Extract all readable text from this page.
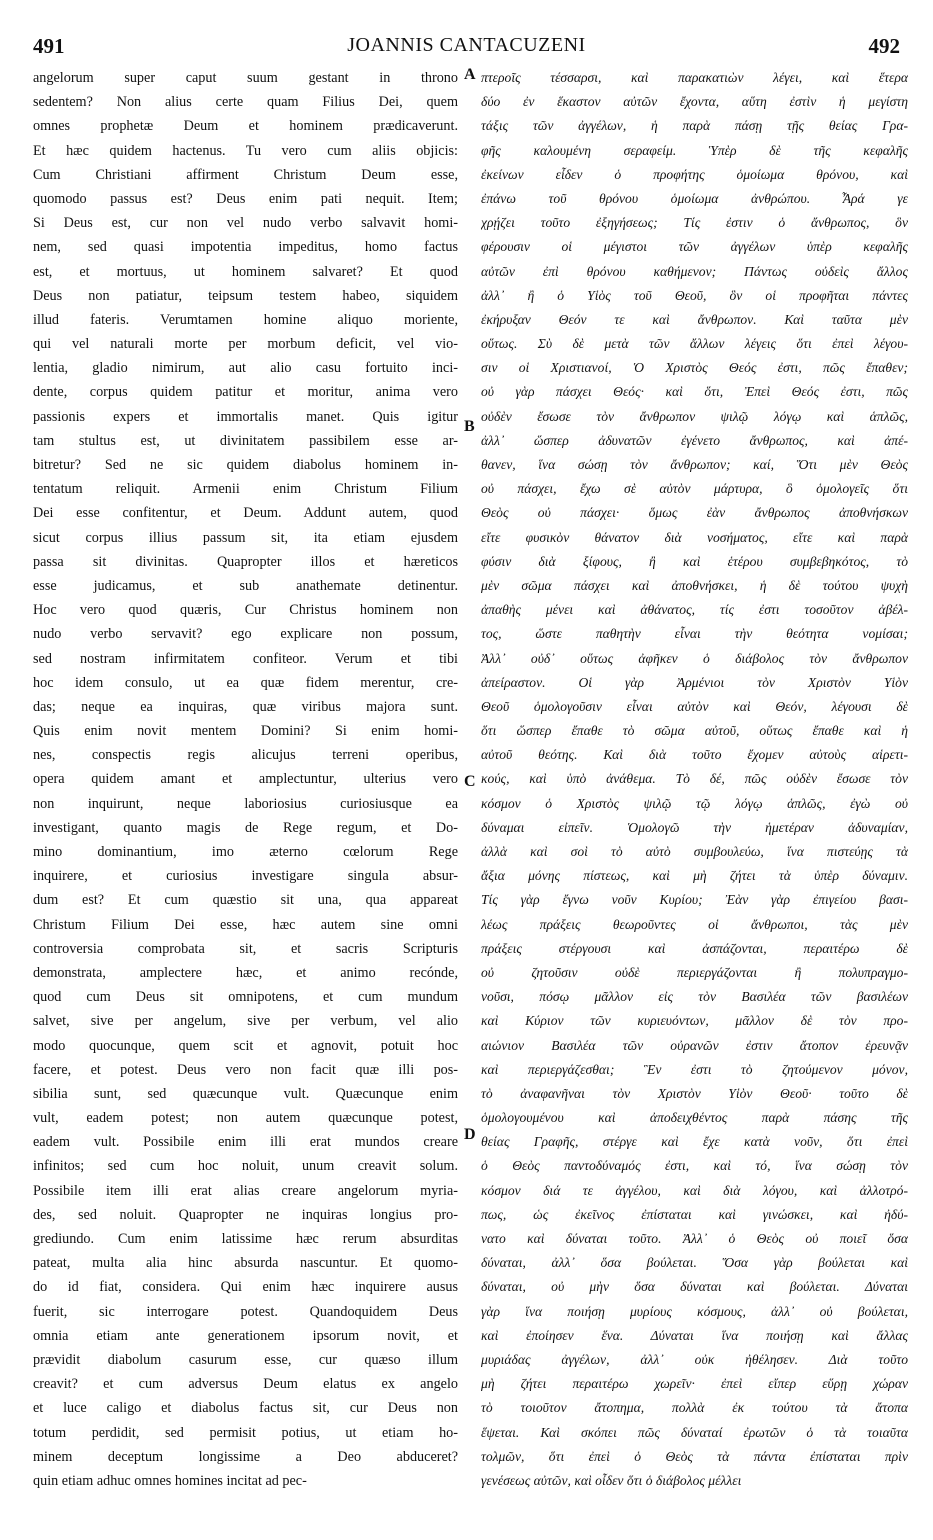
491	JOANNIS CANTACUZENI	492
angelorum super caput suum gestant in throno
sedentem? Non alius certe quam Filius Dei, quem
omnes prophetæ Deum et hominem prædicaverunt.
Et hæc quidem hactenus. Tu vero cum aliis objicis:
Cum Christiani affirment Christum Deum esse,
quomodo passus est? Deus enim pati nequit. Item;
Si Deus est, cur non vel nudo verbo salvavit homi-
nem, sed quasi impotentia impeditus, homo factus
est, et mortuus, ut hominem salvaret? Et quod
Deus non patiatur, teipsum testem habeo, siquidem
illud fateris. Verumtamen homine aliquo moriente,
qui vel naturali morte per morbum deficit, vel vio-
lentia, gladio nimirum, aut alio casu fortuito inci-
dente, corpus quidem patitur et moritur, anima vero
passionis expers et immortalis manet. Quis igitur
tam stultus est, ut divinitatem passibilem esse ar-
bitretur? Sed ne sic quidem diabolus hominem in-
tentatum reliquit. Armenii enim Christum Filium
Dei esse confitentur, et Deum. Addunt autem, quod
sicut corpus illius passum sit, ita etiam ejusdem
passa sit divinitas. Quapropter illos et hæreticos
esse judicamus, et sub anathemate detinentur.
Hoc vero quod quæris, Cur Christus hominem non
nudo verbo servavit? ego explicare non possum,
sed nostram infirmitatem confiteor. Verum et tibi
hoc idem consulo, ut ea quæ fidem merentur, cre-
das; neque ea inquiras, quæ viribus majora sunt.
Quis enim novit mentem Domini? Si enim homi-
nes, conspectis regis alicujus terreni operibus,
opera quidem amant et amplectuntur, ulterius vero
non inquirunt, neque laboriosius curiosiusque ea
investigant, quanto magis de Rege regum, et Do-
mino dominantium, imo æterno cœlorum Rege
inquirere, et curiosius investigare singula absur-
dum est? Et cum quæstio sit una, qua appareat
Christum Filium Dei esse, hæc autem sine omni
controversia comprobata sit, et sacris Scripturis
demonstrata, amplectere hæc, et animo recónde,
quod cum Deus sit omnipotens, et cum mundum
salvet, sive per angelum, sive per verbum, vel alio
modo quocunque, quem scit et agnovit, potuit hoc
facere, et potest. Deus vero non facit quæ illi pos-
sibilia sunt, sed quæcunque vult. Quæcunque enim
vult, eadem potest; non autem quæcunque potest,
eadem vult. Possibile enim illi erat mundos creare
infinitos; sed cum hoc noluit, unum creavit solum.
Possibile item illi erat alias creare angelorum myria-
des, sed noluit. Quapropter ne inquiras longius pro-
grediundo. Cum enim latissime hæc rerum absurditas
pateat, multa alia hinc absurda nascuntur. Et quomo-
do id fiat, considera. Qui enim hæc inquirere ausus
fuerit, sic interrogare potest. Quandoquidem Deus
omnia etiam ante generationem ipsorum novit, et
prævidit diabolum casurum esse, cur quæso illum
creavit? et cum adversus Deum elatus ex angelo
et luce caligo et diabolus factus sit, cur Deus non
totum perdidit, sed permisit potius, ut etiam ho-
minem deceptum longissime a Deo abduceret?
quin etiam adhuc omnes homines incitat ad pec-
πτεροῖς τέσσαρσι, καὶ παρακατιὼν λέγει, καὶ ἕτερα
δύο ἐν ἕκαστον αὐτῶν ἔχοντα, αὕτη ἐστὶν ἡ μεγίστη
τάξις τῶν ἀγγέλων, ἡ παρὰ πάσῃ τῇς θείας Γρα-
φῆς καλουμένη σεραφείμ. Ὑπὲρ δὲ τῆς κεφαλῆς
ἐκείνων εἶδεν ὁ προφήτης ὁμοίωμα θρόνου, καὶ
ἐπάνω τοῦ θρόνου ὁμοίωμα ἀνθρώπου. Ἆρά γε
χρῄζει τοῦτο ἐξηγήσεως; Τίς ἐστιν ὁ ἄνθρωπος, ὃν
φέρουσιν οἱ μέγιστοι τῶν ἀγγέλων ὑπὲρ κεφαλῆς
αὐτῶν ἐπὶ θρόνου καθήμενον; Πάντως οὐδεὶς ἄλλος
ἀλλ᾽ ἢ ὁ Υἱὸς τοῦ Θεοῦ, ὃν οἱ προφῆται πάντες
ἐκήρυξαν Θεόν τε καὶ ἄνθρωπον. Καὶ ταῦτα μὲν
οὕτως. Σὺ δὲ μετὰ τῶν ἄλλων λέγεις ὅτι ἐπεὶ λέγου-
σιν οἱ Χριστιανοί, Ὁ Χριστὸς Θεός ἐστι, πῶς ἔπαθεν;
οὐ γὰρ πάσχει Θεός· καὶ ὅτι, Ἐπεὶ Θεός ἐστι, πῶς
οὐδὲν ἔσωσε τὸν ἄνθρωπον ψιλῷ λόγῳ καὶ ἁπλῶς,
ἀλλ᾽ ὥσπερ ἀδυνατῶν ἐγένετο ἄνθρωπος, καὶ ἀπέ-
θανεν, ἵνα σώσῃ τὸν ἄνθρωπον; καί, Ὅτι μὲν Θεὸς
οὐ πάσχει, ἔχω σὲ αὐτὸν μάρτυρα, ὃ ὁμολογεῖς ὅτι
Θεὸς οὐ πάσχει· ὅμως ἐὰν ἄνθρωπος ἀποθνήσκων
εἴτε φυσικὸν θάνατον διὰ νοσήματος, εἴτε καὶ παρὰ
φύσιν διὰ ξίφους, ἢ καὶ ἑτέρου συμβεβηκότος, τὸ
μὲν σῶμα πάσχει καὶ ἀποθνήσκει, ἡ δὲ τούτου ψυχὴ
ἀπαθὴς μένει καὶ ἀθάνατος, τίς ἐστι τοσοῦτον ἀβέλ-
τος, ὥστε παθητὴν εἶναι τὴν θεότητα νομίσαι;
Ἀλλ᾽ οὐδ᾽ οὕτως ἀφῆκεν ὁ διάβολος τὸν ἄνθρωπον
ἀπείραστον. Οἱ γὰρ Ἀρμένιοι τὸν Χριστὸν Υἱὸν
Θεοῦ ὁμολογοῦσιν εἶναι αὐτὸν καὶ Θεόν, λέγουσι δὲ
ὅτι ὥσπερ ἔπαθε τὸ σῶμα αὐτοῦ, οὕτως ἔπαθε καὶ ἡ
αὐτοῦ θεότης. Καὶ διὰ τοῦτο ἔχομεν αὐτοὺς αἱρετι-
κούς, καὶ ὑπὸ ἀνάθεμα. Τὸ δέ, πῶς οὐδὲν ἔσωσε τὸν
κόσμον ὁ Χριστὸς ψιλῷ τῷ λόγῳ ἁπλῶς, ἐγὼ οὐ
δύναμαι εἰπεῖν. Ὁμολογῶ τὴν ἡμετέραν ἀδυναμίαν,
ἀλλὰ καὶ σοὶ τὸ αὐτὸ συμβουλεύω, ἵνα πιστεύῃς τὰ
ἄξια μόνης πίστεως, καὶ μὴ ζήτει τὰ ὑπὲρ δύναμιν.
Τίς γὰρ ἔγνω νοῦν Κυρίου; Ἐὰν γὰρ ἐπιγείου βασι-
λέως πράξεις θεωροῦντες οἱ ἄνθρωποι, τὰς μὲν
πράξεις στέργουσι καὶ ἀσπάζονται, περαιτέρω δὲ
οὐ ζητοῦσιν οὐδὲ περιεργάζονται ἢ πολυπραγμο-
νοῦσι, πόσῳ μᾶλλον εἰς τὸν Βασιλέα τῶν βασιλέων
καὶ Κύριον τῶν κυριευόντων, μᾶλλον δὲ τὸν προ-
αιώνιον Βασιλέα τῶν οὐρανῶν ἐστιν ἄτοπον ἐρευνᾷν
καὶ περιεργάζεσθαι; Ἓν ἐστι τὸ ζητούμενον μόνον,
τὸ ἀναφανῆναι τὸν Χριστὸν Υἱὸν Θεοῦ· τοῦτο δὲ
ὁμολογουμένου καὶ ἀποδειχθέντος παρὰ πάσης τῆς
θείας Γραφῆς, στέργε καὶ ἔχε κατὰ νοῦν, ὅτι ἐπεὶ
ὁ Θεὸς παντοδύναμός ἐστι, καὶ τό, ἵνα σώσῃ τὸν
κόσμον διά τε ἀγγέλου, καὶ διὰ λόγου, καὶ ἀλλοτρό-
πως, ὡς ἐκεῖνος ἐπίσταται καὶ γινώσκει, καὶ ἠδύ-
νατο καὶ δύναται τοῦτο. Ἀλλ᾽ ὁ Θεὸς οὐ ποιεῖ ὅσα
δύναται, ἀλλ᾽ ὅσα βούλεται. Ὅσα γὰρ βούλεται καὶ
δύναται, οὐ μὴν ὅσα δύναται καὶ βούλεται. Δύναται
γὰρ ἵνα ποιήσῃ μυρίους κόσμους, ἀλλ᾽ οὐ βούλεται,
καὶ ἐποίησεν ἕνα. Δύναται ἵνα ποιήσῃ καὶ ἄλλας
μυριάδας ἀγγέλων, ἀλλ᾽ οὐκ ἠθέλησεν. Διὰ τοῦτο
μὴ ζήτει περαιτέρω χωρεῖν· ἐπεὶ εἴπερ εὕρῃ χώραν
τὸ τοιοῦτον ἄτοπημα, πολλὰ ἐκ τούτου τὰ ἄτοπα
ἕψεται. Καὶ σκόπει πῶς δύναταί ἐρωτῶν ὁ τὰ τοιαῦτα
τολμῶν, ὅτι ἐπεὶ ὁ Θεὸς τὰ πάντα ἐπίσταται πρὶν
γενέσεως αὐτῶν, καὶ οἶδεν ὅτι ὁ διάβολος μέλλει
A
B
C
D
